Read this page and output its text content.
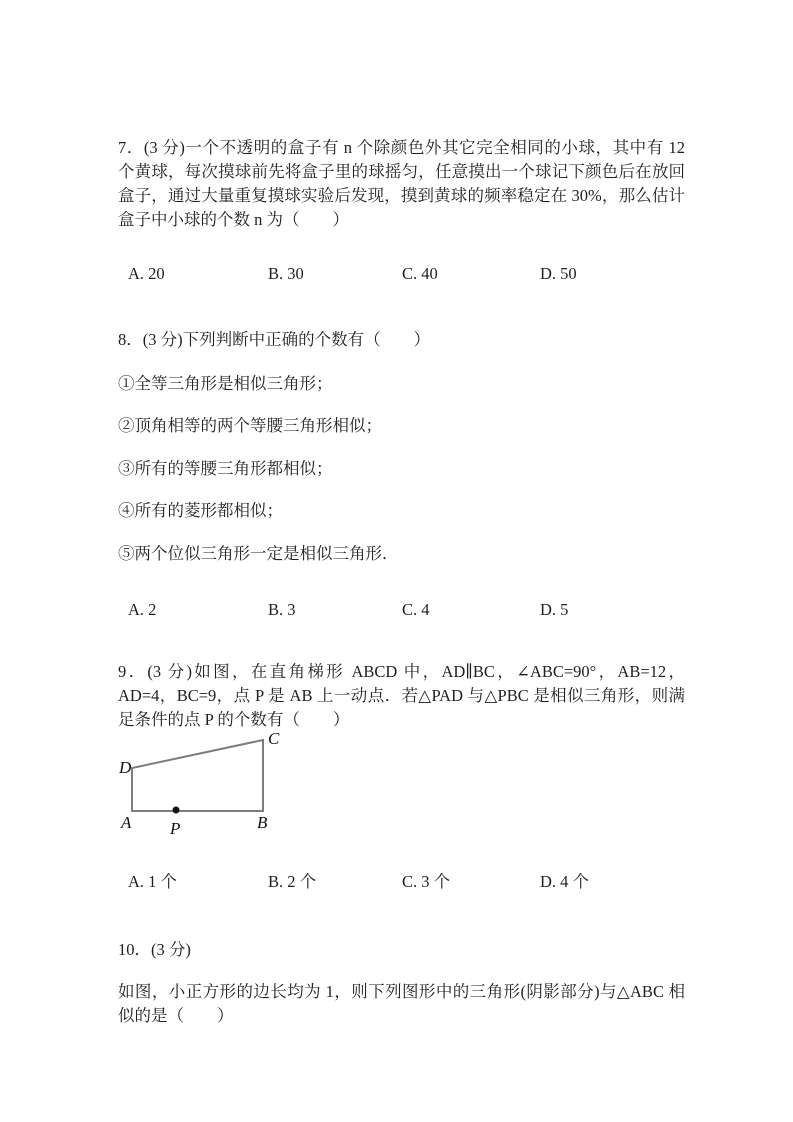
7．(3 分)一个不透明的盒子有 n 个除颜色外其它完全相同的小球，其中有 12 个黄球，每次摸球前先将盒子里的球摇匀，任意摸出一个球记下颜色后在放回盒子，通过大量重复摸球实验后发现，摸到黄球的频率稳定在 30%，那么估计盒子中小球的个数 n 为（　　）

A. 20	B. 30	C. 40	D. 50

8．(3 分)下列判断中正确的个数有（　　）

①全等三角形是相似三角形；

②顶角相等的两个等腰三角形相似；

③所有的等腰三角形都相似；

④所有的菱形都相似；

⑤两个位似三角形一定是相似三角形．

A. 2	B. 3	C. 4	D. 5

9．(3 分)如图，在直角梯形 ABCD 中，AD∥BC，∠ABC=90°，AB=12，AD=4，BC=9，点 P 是 AB 上一动点．若△PAD 与△PBC 是相似三角形，则满足条件的点 P 的个数有（　　）

C
D
A	B
P
A. 1 个	B. 2 个	C. 3 个	D. 4 个

10．(3 分)

如图，小正方形的边长均为 1，则下列图形中的三角形(阴影部分)与△ABC 相似的是（　　）
